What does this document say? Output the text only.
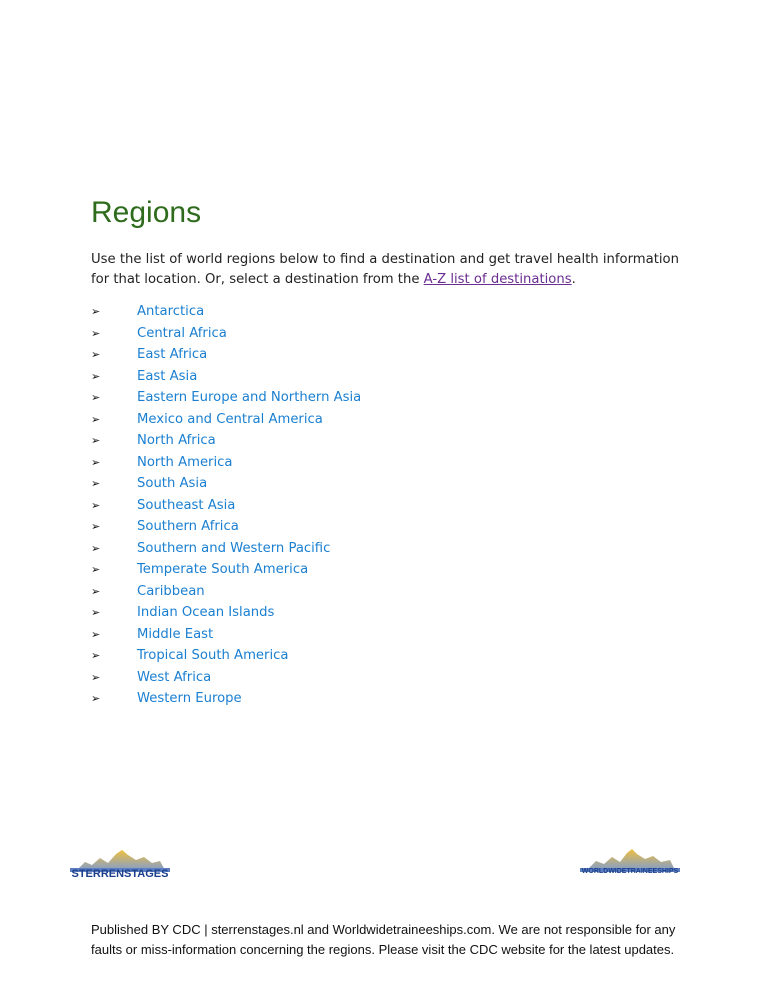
Regions

Use the list of world regions below to find a destination and get travel health information for that location. Or, select a destination from the A-Z list of destinations.

➢	Antarctica
➢	Central Africa
➢	East Africa
➢	East Asia
➢	Eastern Europe and Northern Asia
➢	Mexico and Central America
➢	North Africa
➢	North America
➢	South Asia
➢	Southeast Asia
➢	Southern Africa
➢	Southern and Western Pacific
➢	Temperate South America
➢	Caribbean
➢	Indian Ocean Islands
➢	Middle East
➢	Tropical South America
➢	West Africa
➢	Western Europe
STERRENSTAGES	WORLDWIDETRAINEESHIPS

Published BY CDC | sterrenstages.nl and Worldwidetraineeships.com. We are not responsible for any faults or miss-information concerning the regions. Please visit the CDC website for the latest updates.
